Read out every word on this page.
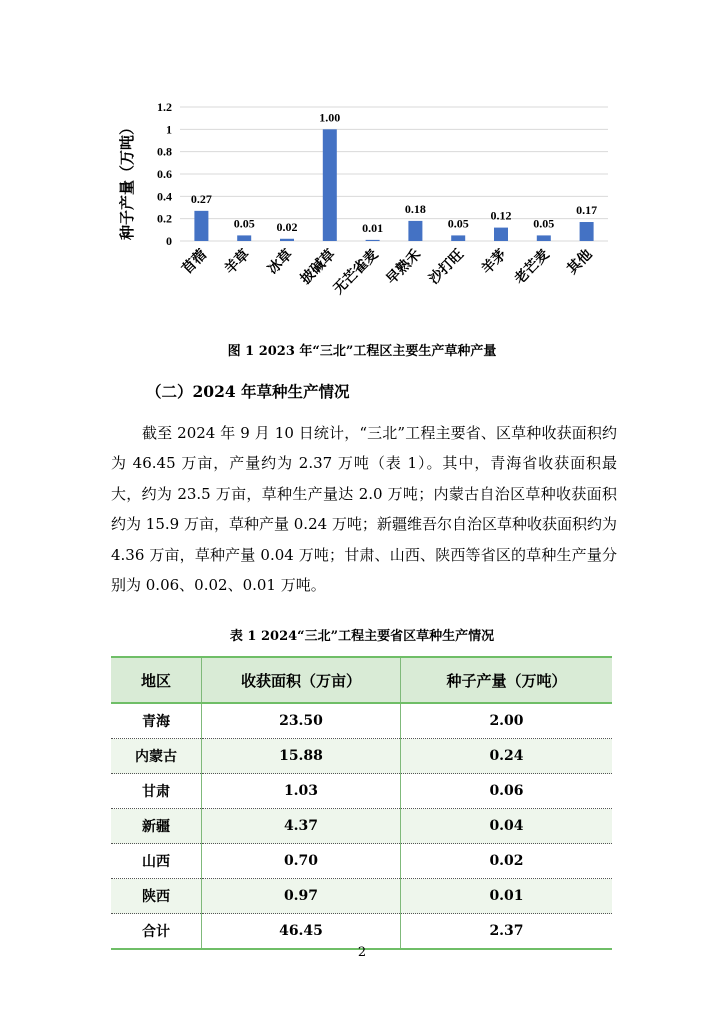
种子产量（万吨）
0
0.2
0.4
0.6
0.8
1
1.2
0.27
苜蓿
0.05
羊草
0.02
冰草
1.00
披碱草
0.01
无芒雀麦
0.18
早熟禾
0.05
沙打旺
0.12
羊茅
0.05
老芒麦
0.17
其他
图 1 2023 年“三北”工程区主要生产草种产量
（二）2024 年草种生产情况

截至 2024 年 9 月 10 日统计，“三北”工程主要省、区草种收获面积约为 46.45 万亩，产量约为 2.37 万吨（表 1）。其中，青海省收获面积最大，约为 23.5 万亩，草种生产量达 2.0 万吨；内蒙古自治区草种收获面积约为 15.9 万亩，草种产量 0.24 万吨；新疆维吾尔自治区草种收获面积约为 4.36 万亩，草种产量 0.04 万吨；甘肃、山西、陕西等省区的草种生产量分别为 0.06、0.02、0.01 万吨。

表 1 2024“三北”工程主要省区草种生产情况
地区	收获面积（万亩）	种子产量（万吨）
青海	23.50	2.00
内蒙古	15.88	0.24
甘肃	1.03	0.06
新疆	4.37	0.04
山西	0.70	0.02
陕西	0.97	0.01
合计	46.45	2.37
2
